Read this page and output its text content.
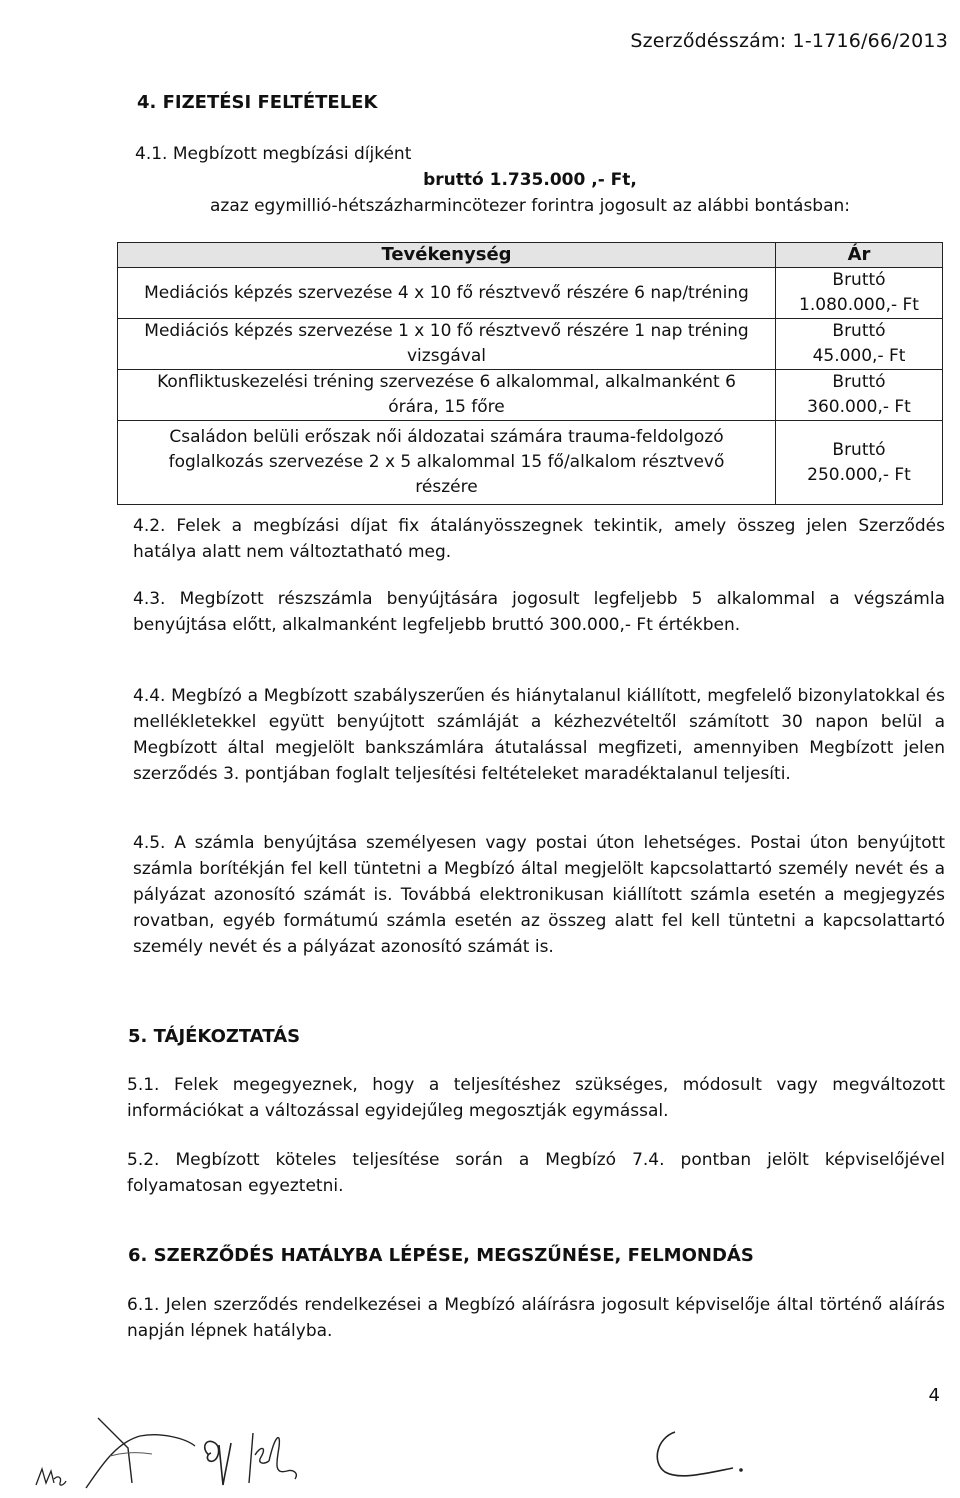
Szerződésszám: 1-1716/66/2013
4. FIZETÉSI FELTÉTELEK
4.1. Megbízott megbízási díjként
bruttó 1.735.000 ,- Ft,
azaz egymillió-hétszázharmincötezer forintra jogosult az alábbi bontásban:
Tevékenység	Ár
Mediációs képzés szervezése 4 x 10 fő résztvevő részére 6 nap/tréning	Bruttó
1.080.000,- Ft

Mediációs képzés szervezése 1 x 10 fő résztvevő részére 1 nap tréning vizsgával	Bruttó
45.000,- Ft

Konfliktuskezelési tréning szervezése 6 alkalommal, alkalmanként 6 órára, 15 főre	Bruttó
360.000,- Ft

Családon belüli erőszak női áldozatai számára trauma-feldolgozó foglalkozás szervezése 2 x 5 alkalommal 15 fő/alkalom résztvevő részére	Bruttó
250.000,- Ft
4.2. Felek a megbízási díjat fix átalányösszegnek tekintik, amely összeg jelen Szerződés hatálya alatt nem változtatható meg.
4.3. Megbízott részszámla benyújtására jogosult legfeljebb 5 alkalommal a végszámla benyújtása előtt, alkalmanként legfeljebb bruttó 300.000,- Ft értékben.
4.4. Megbízó a Megbízott szabályszerűen és hiánytalanul kiállított, megfelelő bizonylatokkal és mellékletekkel együtt benyújtott számláját a kézhezvételtől számított 30 napon belül a Megbízott által megjelölt bankszámlára átutalással megfizeti, amennyiben Megbízott jelen szerződés 3. pontjában foglalt teljesítési feltételeket maradéktalanul teljesíti.
4.5. A számla benyújtása személyesen vagy postai úton lehetséges. Postai úton benyújtott számla borítékján fel kell tüntetni a Megbízó által megjelölt kapcsolattartó személy nevét és a pályázat azonosító számát is. Továbbá elektronikusan kiállított számla esetén a megjegyzés rovatban, egyéb formátumú számla esetén az összeg alatt fel kell tüntetni a kapcsolattartó személy nevét és a pályázat azonosító számát is.
5. TÁJÉKOZTATÁS
5.1. Felek megegyeznek, hogy a teljesítéshez szükséges, módosult vagy megváltozott információkat a változással egyidejűleg megosztják egymással.
5.2. Megbízott köteles teljesítése során a Megbízó 7.4. pontban jelölt képviselőjével folyamatosan egyeztetni.
6. SZERZŐDÉS HATÁLYBA LÉPÉSE, MEGSZŰNÉSE, FELMONDÁS
6.1. Jelen szerződés rendelkezései a Megbízó aláírásra jogosult képviselője által történő aláírás napján lépnek hatályba.
4
